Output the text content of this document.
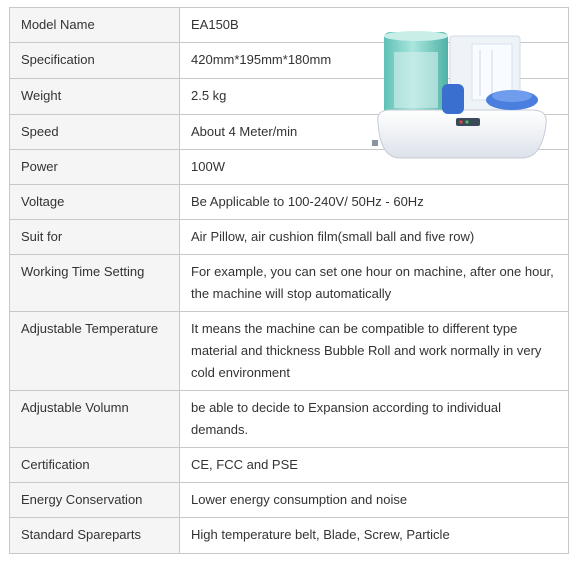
Model Name	EA150B
Specification	420mm*195mm*180mm
Weight	2.5 kg
Speed	About 4 Meter/min
Power	100W
Voltage	Be Applicable to 100-240V/ 50Hz - 60Hz
Suit for	Air Pillow, air cushion film(small ball and five row)
Working Time Setting	For example, you can set one hour on machine, after one hour, the machine will stop automatically
Adjustable Temperature	It means the machine can be compatible to different type material and thickness Bubble Roll and work normally in very cold environment
Adjustable Volumn	be able to decide to Expansion according to individual demands.
Certification	CE, FCC and PSE
Energy Conservation	Lower energy consumption and noise
Standard Spareparts	High temperature belt, Blade, Screw, Particle
